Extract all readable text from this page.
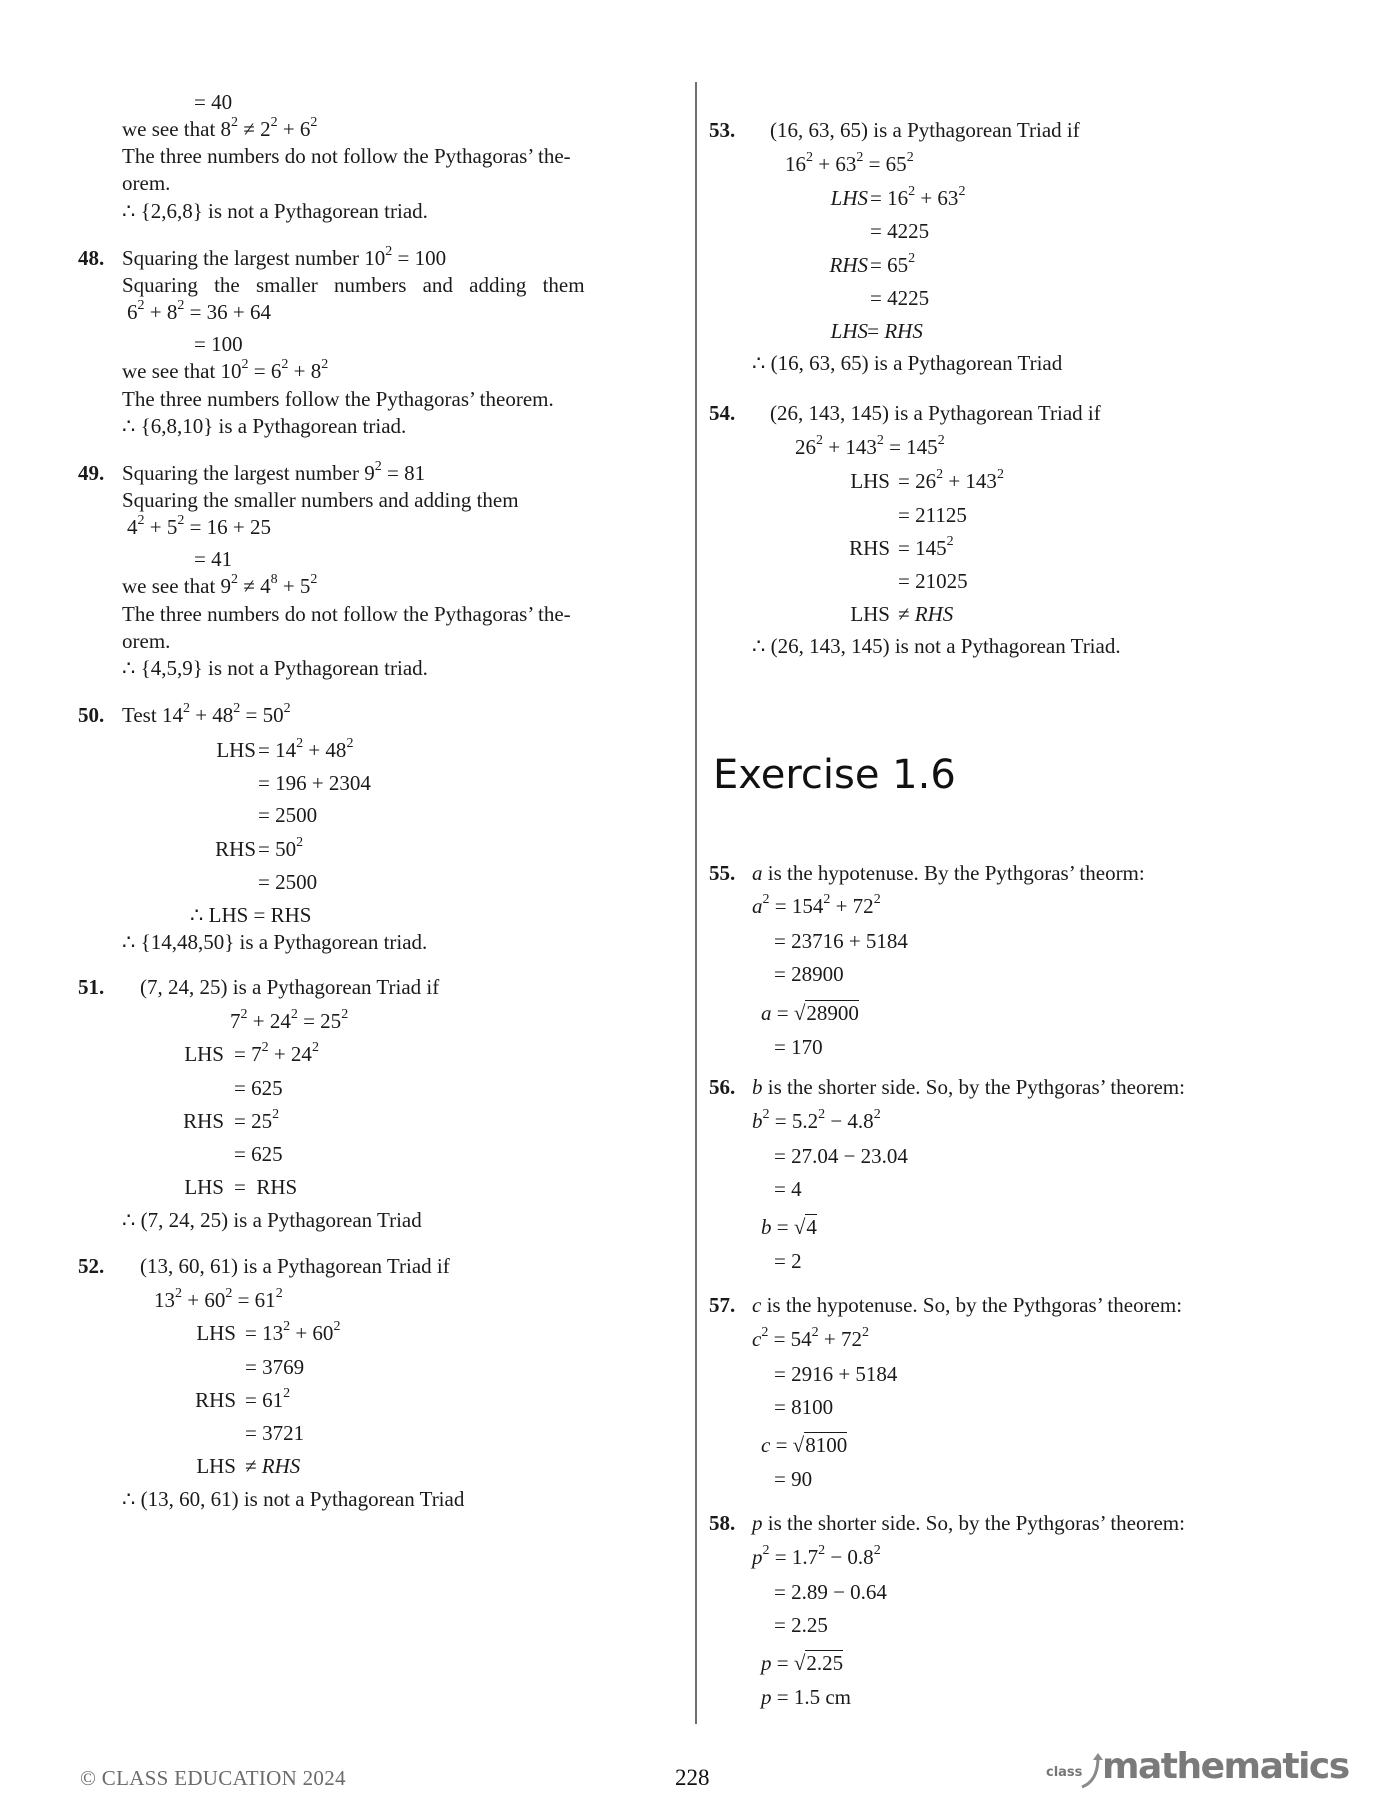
= 40
we see that $8^2 \ne 2^2 + 6^2$
The three numbers do not follow the Pythagoras’ the-
orem.
∴ {2,6,8} is not a Pythagorean triad.
48. Squaring the largest number $10^2 = 100$
Squaring the smaller numbers and adding them
$6^2 + 8^2 = 36 + 64$
= 100
we see that $10^2 = 6^2 + 8^2$
The three numbers follow the Pythagoras’ theorem.
∴ {6,8,10} is a Pythagorean triad.
49. Squaring the largest number $9^2 = 81$
Squaring the smaller numbers and adding them
$4^2 + 5^2 = 16 + 25$
= 41
we see that $9^2 \ne 4^8 + 5^2$
The three numbers do not follow the Pythagoras’ the-
orem.
∴ {4,5,9} is not a Pythagorean triad.
50. Test $14^2 + 48^2 = 50^2$
LHS = $14^2 + 48^2$
= 196 + 2304
= 2500
RHS = $50^2$
= 2500
∴ LHS = RHS
∴ {14,48,50} is a Pythagorean triad.
51. (7, 24, 25) is a Pythagorean Triad if
$7^2 + 24^2 = 25^2$
LHS = $7^2 + 24^2$
= 625
RHS = $25^2$
= 625
LHS =  RHS
∴ (7, 24, 25) is a Pythagorean Triad
52. (13, 60, 61) is a Pythagorean Triad if
$13^2 + 60^2 = 61^2$
LHS = $13^2 + 60^2$
= 3769
RHS = $61^2$
= 3721
LHS ≠ RHS
∴ (13, 60, 61) is not a Pythagorean Triad
53. (16, 63, 65) is a Pythagorean Triad if
$16^2 + 63^2 = 65^2$
LHS = $16^2 + 63^2$
= 4225
RHS = $65^2$
= 4225
LHS
= RHS
∴ (16, 63, 65) is a Pythagorean Triad
54. (26, 143, 145) is a Pythagorean Triad if
$26^2 + 143^2 = 145^2$
LHS = $26^2 + 143^2$
= 21125
RHS = $145^2$
= 21025
LHS ≠ RHS
∴ (26, 143, 145) is not a Pythagorean Triad.
Exercise 1.6
55. a is the hypotenuse. By the Pythgoras’ theorm:
$a^2 = 154^2 + 72^2$
= 23716 + 5184
= 28900
a = √28900
= 170
56. b is the shorter side. So, by the Pythgoras’ theorem:
$b^2 = 5.2^2 - 4.8^2$
= 27.04 − 23.04
= 4
b = √4
= 2
57. c is the hypotenuse. So, by the Pythgoras’ theorem:
$c^2 = 54^2 + 72^2$
= 2916 + 5184
= 8100
c = √8100
= 90
58. p is the shorter side. So, by the Pythgoras’ theorem:
$p^2 = 1.7^2 - 0.8^2$
= 2.89 − 0.64
= 2.25
p = √2.25
p = 1.5 cm
© CLASS EDUCATION 2024	228	class mathematics
